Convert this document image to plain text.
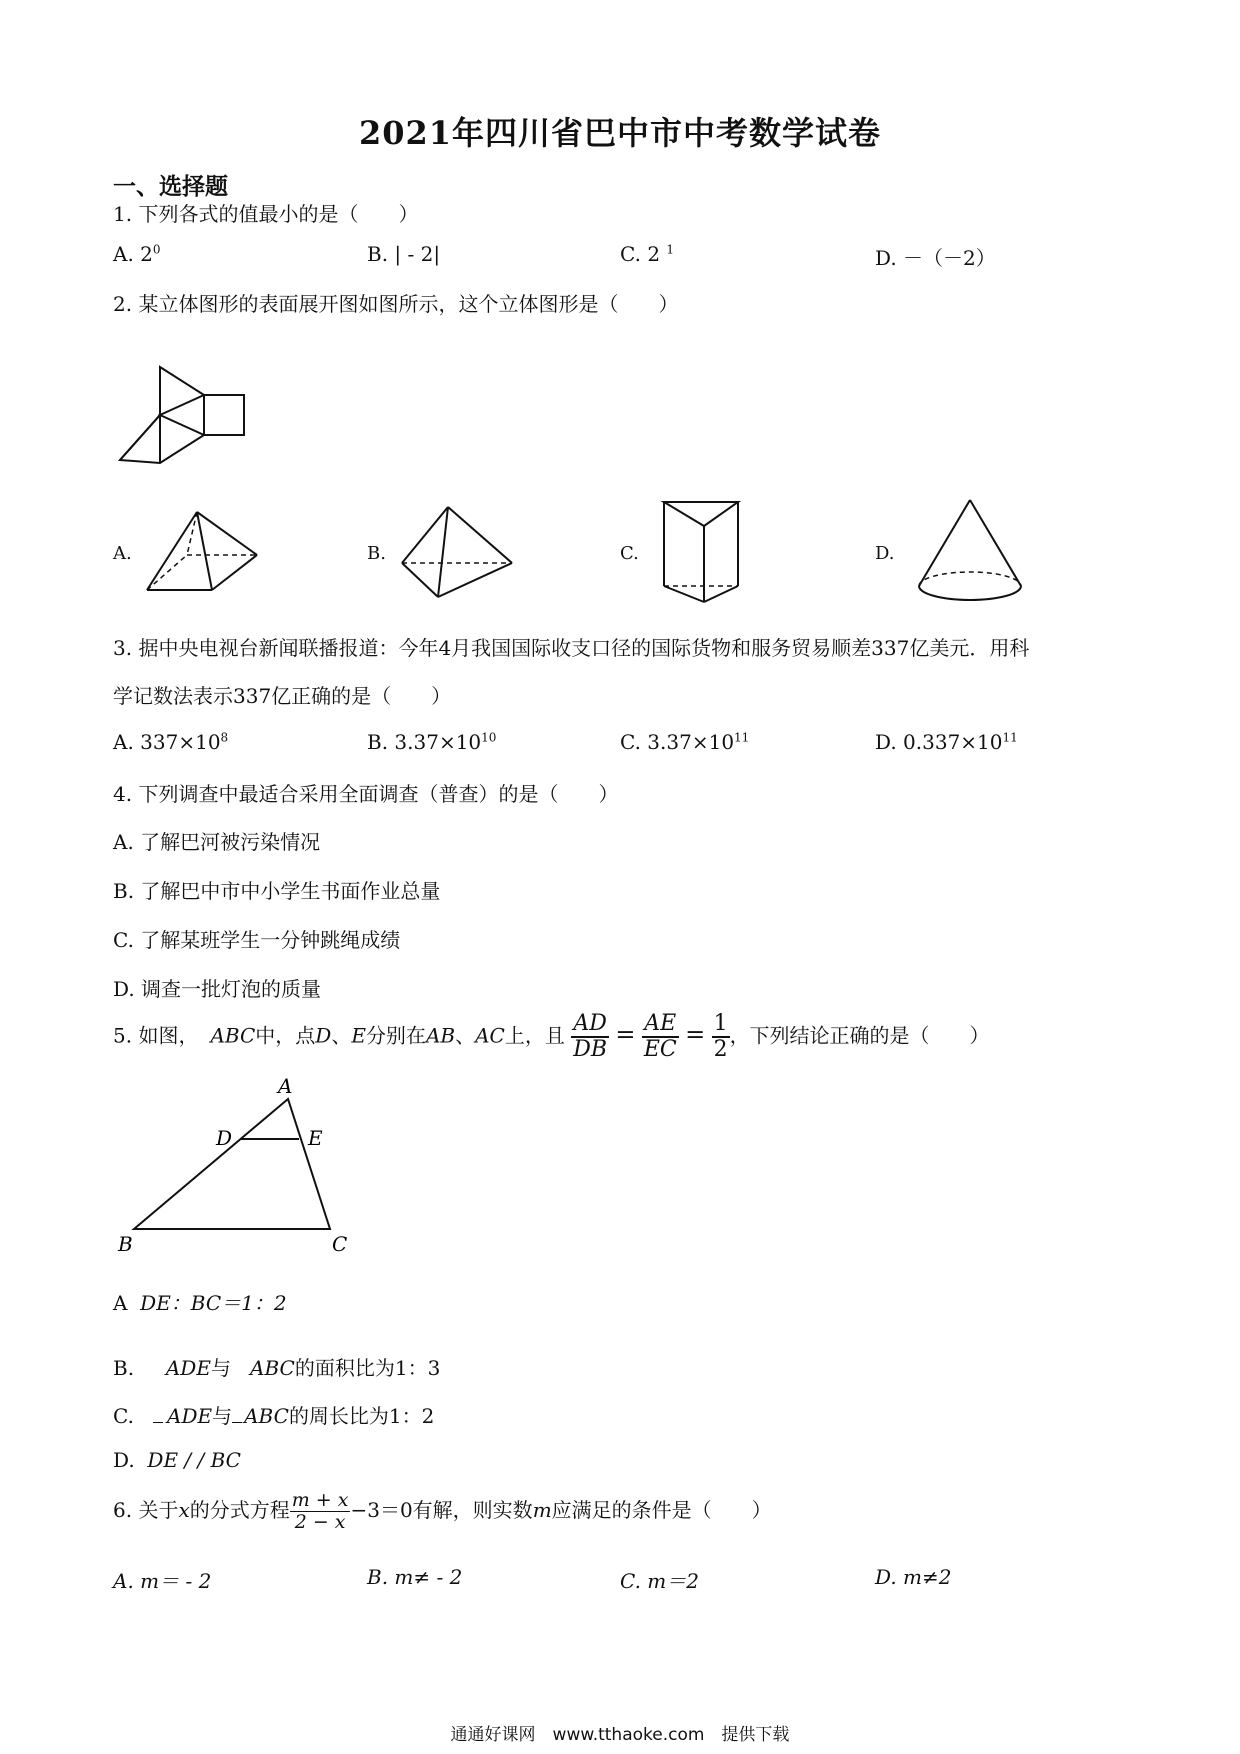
2021年四川省巴中市中考数学试卷
一、选择题
1. 下列各式的值最小的是（　　）
A. $2^0$	B. | - 2|	C. 2 $^1$	D. －（－2）
2. 某立体图形的表面展开图如图所示，这个立体图形是（　　）
A.	B.	C.	D.
3. 据中央电视台新闻联播报道：今年4月我国国际收支口径的国际货物和服务贸易顺差337亿美元．用科
学记数法表示337亿正确的是（　　）
A. $337\times 10^8$	B. $3.37\times 10^{10}$	C. $3.37\times 10^{11}$	D. $0.337\times 10^{11}$
4. 下列调查中最适合采用全面调查（普查）的是（　　）
A. 了解巴河被污染情况
B. 了解巴中市中小学生书面作业总量
C. 了解某班学生一分钟跳绳成绩
D. 调查一批灯泡的质量
5. 如图， ABC中，点D、E分别在AB、AC上，且 $\frac{AD}{DB} = \frac{AE}{EC} = \frac{1}{2}$ ，下列结论正确的是（　　）
A
D	E
B	C
A DE：BC＝1：2
B. ADE与 ABC的面积比为1：3
C. ADE与 ABC的周长比为1：2
D. DE / / BC
6. 关于x的分式方程 $\frac{m + x}{2 - x} -3=0$有解，则实数m应满足的条件是（　　）
A. m＝ - 2	B. m≠ - 2	C. m＝2	D. m≠2
通通好课网　www.tthaoke.com　提供下载
